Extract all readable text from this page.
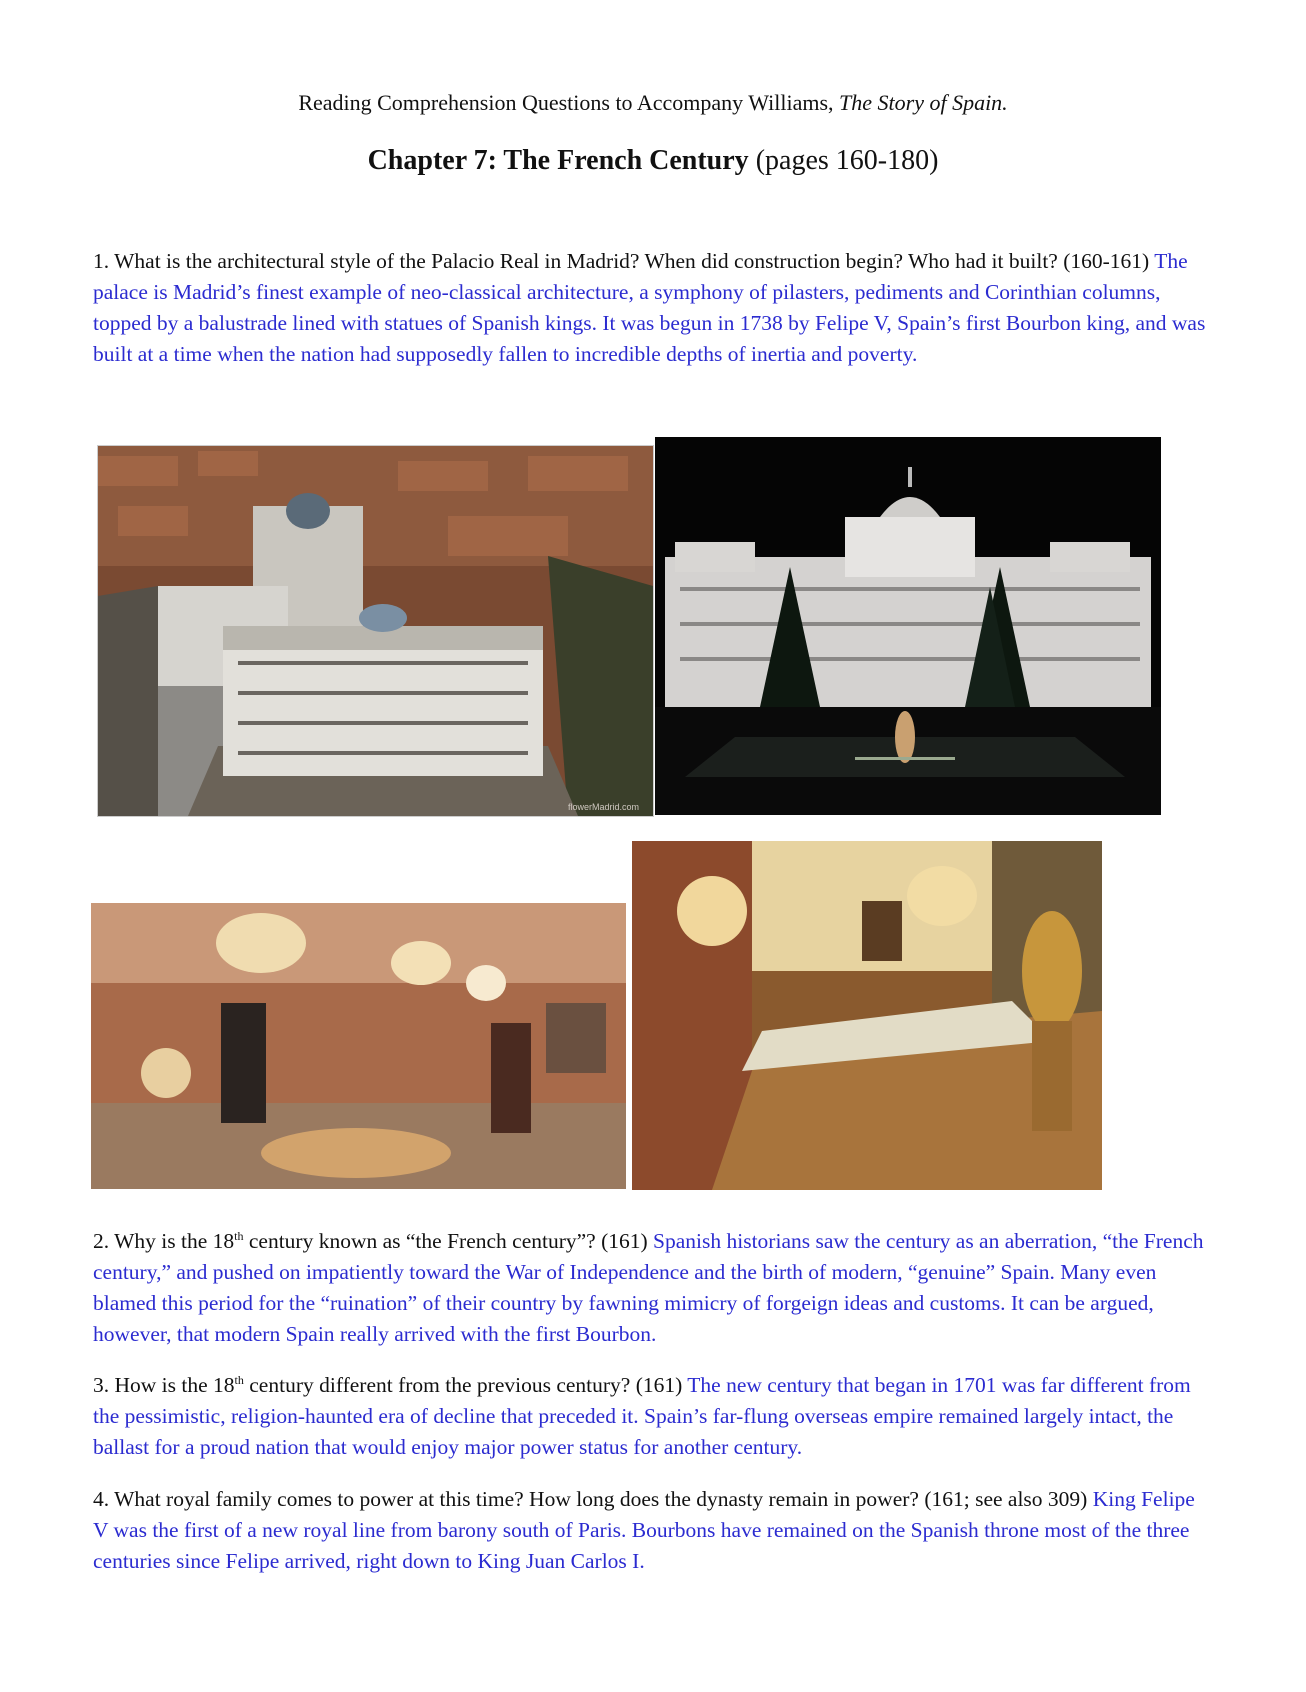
Reading Comprehension Questions to Accompany Williams, The Story of Spain.
Chapter 7: The French Century (pages 160-180)
1. What is the architectural style of the Palacio Real in Madrid? When did construction begin? Who had it built? (160-161) The palace is Madrid’s finest example of neo-classical architecture, a symphony of pilasters, pediments and Corinthian columns, topped by a balustrade lined with statues of Spanish kings. It was begun in 1738 by Felipe V, Spain’s first Bourbon king, and was built at a time when the nation had supposedly fallen to incredible depths of inertia and poverty.
flowerMadrid.com
2. Why is the 18th century known as “the French century”? (161) Spanish historians saw the century as an aberration, “the French century,” and pushed on impatiently toward the War of Independence and the birth of modern, “genuine” Spain. Many even blamed this period for the “ruination” of their country by fawning mimicry of forgeign ideas and customs. It can be argued, however, that modern Spain really arrived with the first Bourbon.
3. How is the 18th century different from the previous century? (161) The new century that began in 1701 was far different from the pessimistic, religion-haunted era of decline that preceded it. Spain’s far-flung overseas empire remained largely intact, the ballast for a proud nation that would enjoy major power status for another century.
4. What royal family comes to power at this time? How long does the dynasty remain in power? (161; see also 309) King Felipe V was the first of a new royal line from barony south of Paris. Bourbons have remained on the Spanish throne most of the three centuries since Felipe arrived, right down to King Juan Carlos I.
